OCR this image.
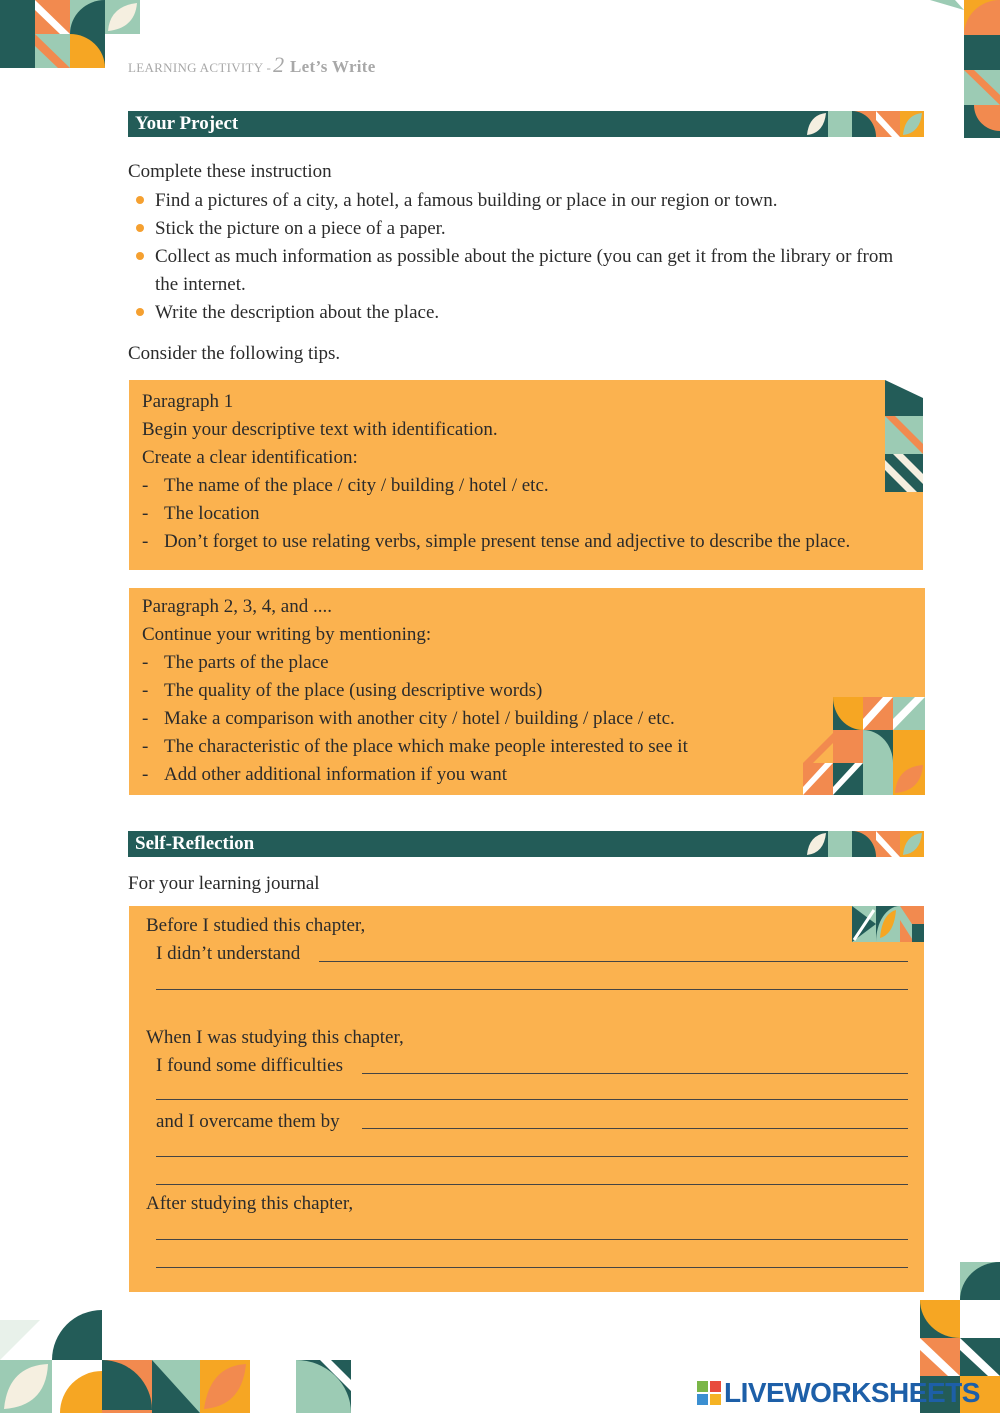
LEARNING ACTIVITY -2 Let’s Write
Your Project
Complete these instruction
Find a pictures of a city, a hotel, a famous building or place in our region or town.
Stick the picture on a piece of a paper.
Collect as much information as possible about the picture (you can get it from the library or from the internet.
Write the description about the place.
Consider the following tips.
Paragraph 1
Begin your descriptive text with identification.
Create a clear identification:
- The name of the place / city / building / hotel / etc.
- The location
- Don’t forget to use relating verbs, simple present tense and adjective to describe the place.
Paragraph 2, 3, 4, and ....
Continue your writing by mentioning:
- The parts of the place
- The quality of the place (using descriptive words)
- Make a comparison with another city / hotel / building / place / etc.
- The characteristic of the place which make people interested to see it
- Add other additional information if you want
Self-Reflection
For your learning journal
Before I studied this chapter,
I didn’t understand
When I was studying this chapter,
I found some difficulties
and I overcame them by
After studying this chapter,
LIVEWORKSHEETS
